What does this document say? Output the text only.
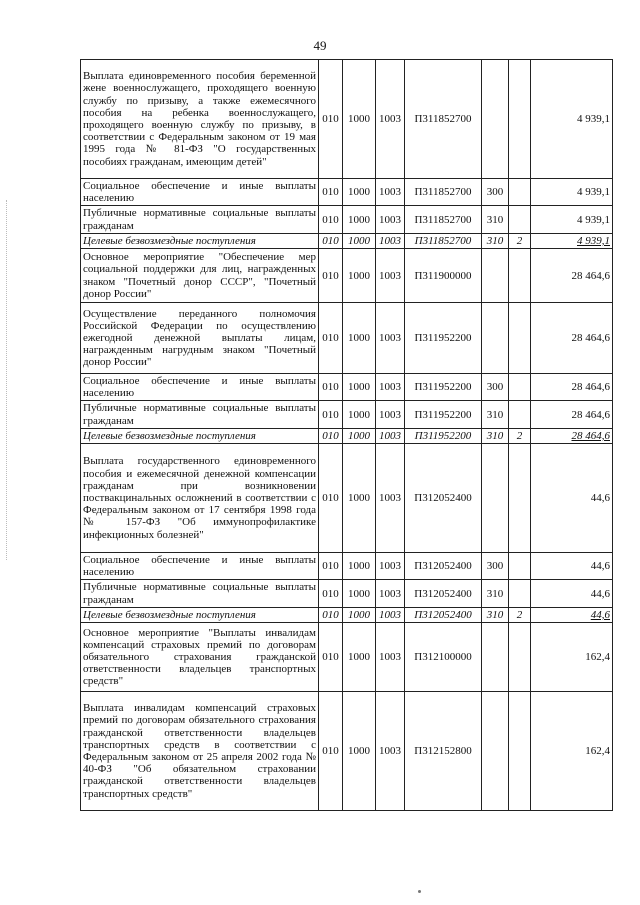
49
Выплата единовременного пособия беременной жене военнослужащего, проходящего военную службу по призыву, а также ежемесячного пособия на ребенка военнослужащего, проходящего военную службу по призыву, в соответствии с Федеральным законом от 19 мая 1995 года № 81-ФЗ "О государственных пособиях гражданам, имеющим детей"	010	1000	1003	П311852700			4 939,1
Социальное обеспечение и иные выплаты населению	010	1000	1003	П311852700	300		4 939,1
Публичные нормативные социальные выплаты гражданам	010	1000	1003	П311852700	310		4 939,1
Целевые безвозмездные поступления	010	1000	1003	П311852700	310	2	4 939,1
Основное мероприятие "Обеспечение мер социальной поддержки для лиц, награжденных знаком "Почетный донор СССР", "Почетный донор России"	010	1000	1003	П311900000			28 464,6
Осуществление переданного полномочия Российской Федерации по осуществлению ежегодной денежной выплаты лицам, награжденным нагрудным знаком "Почетный донор России"	010	1000	1003	П311952200			28 464,6
Социальное обеспечение и иные выплаты населению	010	1000	1003	П311952200	300		28 464,6
Публичные нормативные социальные выплаты гражданам	010	1000	1003	П311952200	310		28 464,6
Целевые безвозмездные поступления	010	1000	1003	П311952200	310	2	28 464,6
Выплата государственного единовременного пособия и ежемесячной денежной компенсации гражданам при возникновении поствакцинальных осложнений в соответствии с Федеральным законом от 17 сентября 1998 года № 157-ФЗ "Об иммунопрофилактике инфекционных болезней"	010	1000	1003	П312052400			44,6
Социальное обеспечение и иные выплаты населению	010	1000	1003	П312052400	300		44,6
Публичные нормативные социальные выплаты гражданам	010	1000	1003	П312052400	310		44,6
Целевые безвозмездные поступления	010	1000	1003	П312052400	310	2	44,6
Основное мероприятие "Выплаты инвалидам компенсаций страховых премий по договорам обязательного страхования гражданской ответственности владельцев транспортных средств"	010	1000	1003	П312100000			162,4
Выплата инвалидам компенсаций страховых премий по договорам обязательного страхования гражданской ответственности владельцев транспортных средств в соответствии с Федеральным законом от 25 апреля 2002 года № 40-ФЗ "Об обязательном страховании гражданской ответственности владельцев транспортных средств"	010	1000	1003	П312152800			162,4
